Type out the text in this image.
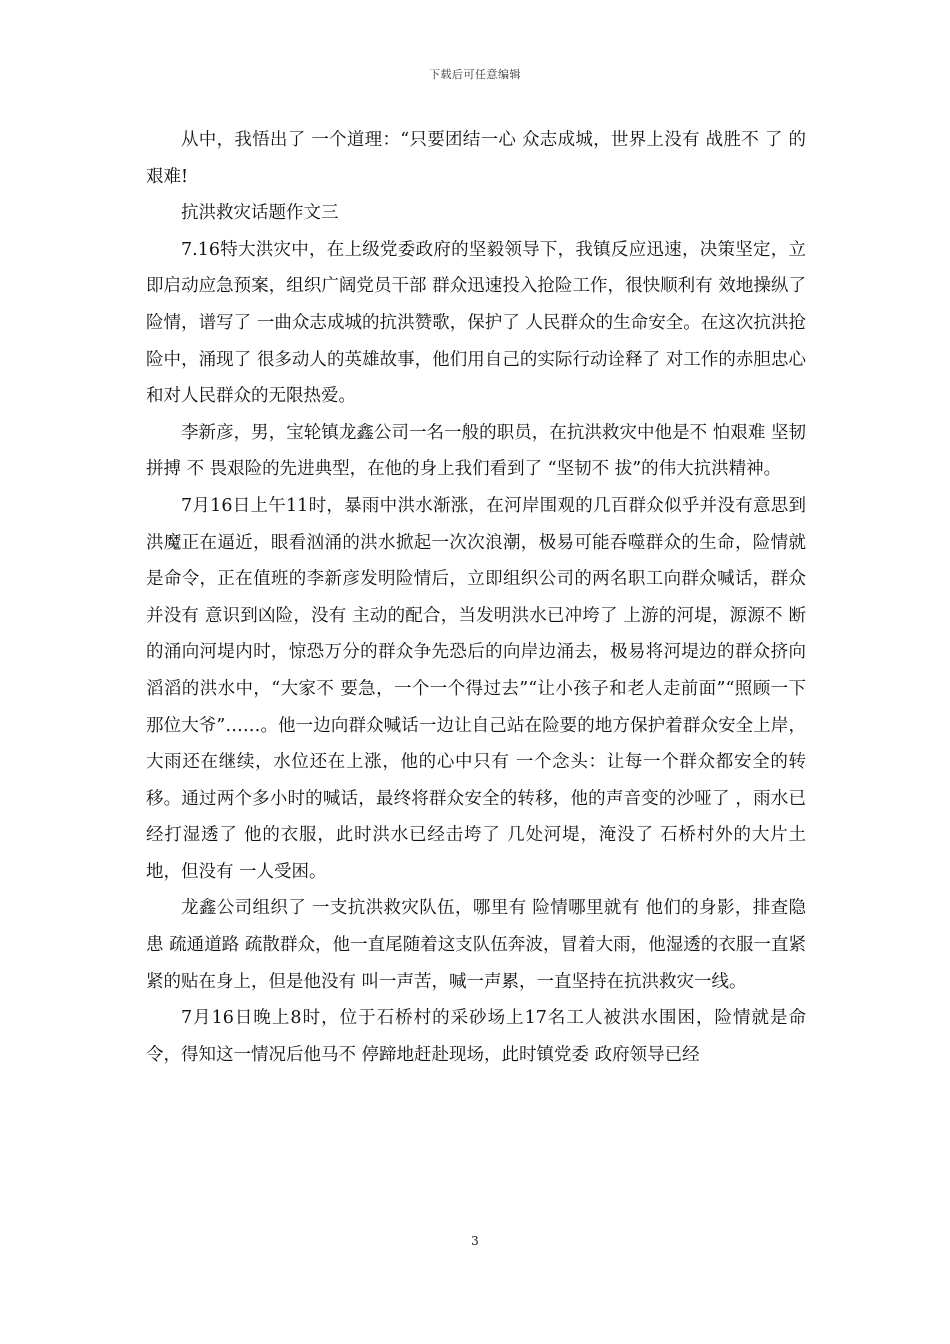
下载后可任意编辑

从中，我悟出了 一个道理：“只要团结一心 众志成城，世界上没有 战胜不 了 的艰难!

抗洪救灾话题作文三

7.16特大洪灾中，在上级党委政府的坚毅领导下，我镇反应迅速，决策坚定，立即启动应急预案，组织广阔党员干部 群众迅速投入抢险工作，很快顺利有 效地操纵了 险情，谱写了 一曲众志成城的抗洪赞歌，保护了 人民群众的生命安全。在这次抗洪抢险中，涌现了 很多动人的英雄故事，他们用自己的实际行动诠释了 对工作的赤胆忠心和对人民群众的无限热爱。

李新彦，男，宝轮镇龙鑫公司一名一般的职员，在抗洪救灾中他是不 怕艰难 坚韧拼搏 不 畏艰险的先进典型，在他的身上我们看到了 “坚韧不 拔”的伟大抗洪精神。

7月16日上午11时，暴雨中洪水渐涨，在河岸围观的几百群众似乎并没有意思到洪魔正在逼近，眼看汹涌的洪水掀起一次次浪潮，极易可能吞噬群众的生命，险情就是命令，正在值班的李新彦发明险情后，立即组织公司的两名职工向群众喊话，群众并没有 意识到凶险，没有 主动的配合，当发明洪水已冲垮了 上游的河堤，源源不 断的涌向河堤内时，惊恐万分的群众争先恐后的向岸边涌去，极易将河堤边的群众挤向滔滔的洪水中，“大家不 要急，一个一个得过去”“让小孩子和老人走前面”“照顾一下那位大爷”……。他一边向群众喊话一边让自己站在险要的地方保护着群众安全上岸，大雨还在继续，水位还在上涨，他的心中只有 一个念头：让每一个群众都安全的转移。通过两个多小时的喊话，最终将群众安全的转移，他的声音变的沙哑了 ，雨水已经打湿透了 他的衣服，此时洪水已经击垮了 几处河堤，淹没了 石桥村外的大片土地，但没有 一人受困。

龙鑫公司组织了 一支抗洪救灾队伍，哪里有 险情哪里就有 他们的身影，排查隐患 疏通道路 疏散群众，他一直尾随着这支队伍奔波，冒着大雨，他湿透的衣服一直紧紧的贴在身上，但是他没有 叫一声苦，喊一声累，一直坚持在抗洪救灾一线。

7月16日晚上8时，位于石桥村的采砂场上17名工人被洪水围困，险情就是命令，得知这一情况后他马不 停蹄地赶赴现场，此时镇党委 政府领导已经

3
